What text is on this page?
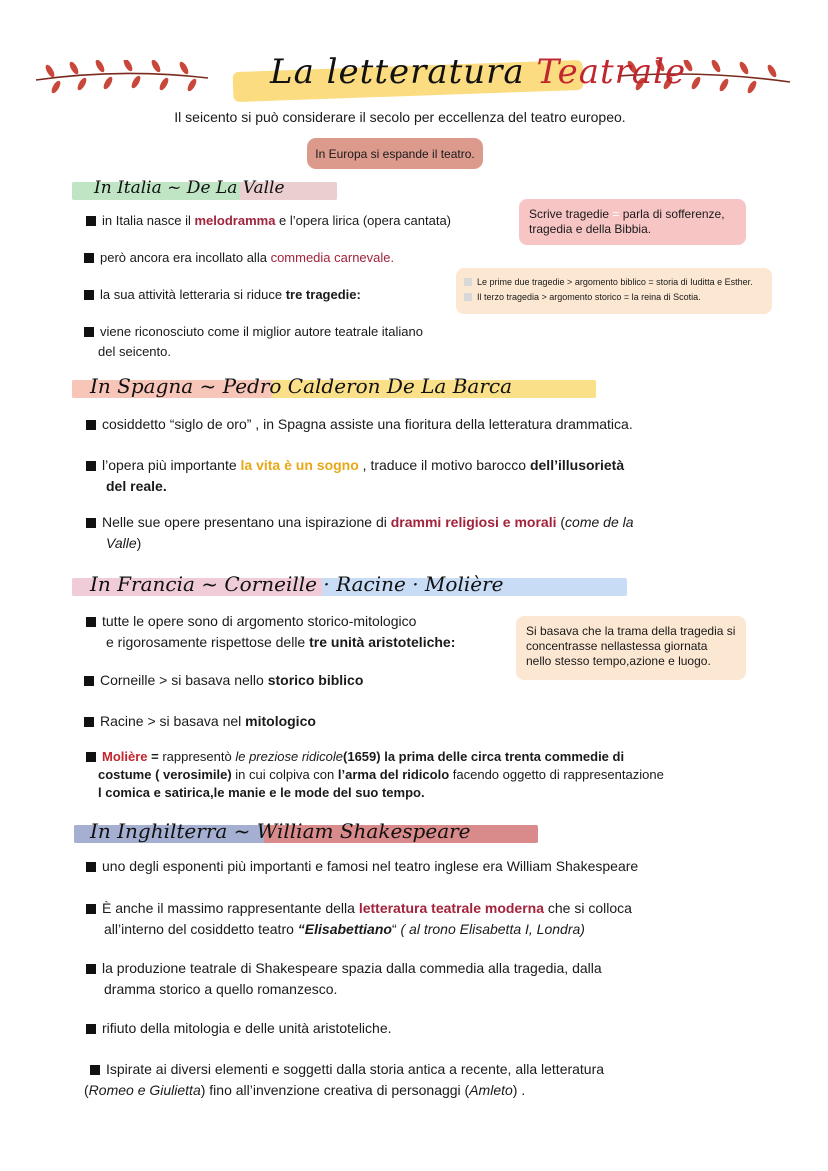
La letteratura Teatrale
Il seicento si può considerare il secolo per eccellenza del teatro europeo.
In Europa si espande il teatro.
In Italia ~ De La Valle
in Italia nasce il melodramma e l’opera lirica (opera cantata)
però ancora era incollato alla commedia carnevale.
la sua attività letteraria si riduce tre tragedie:
viene riconosciuto come il miglior autore teatrale italiano
del seicento.
Scrive tragedie = parla di sofferenze, tragedia e della Bibbia.
Le prime due tragedie > argomento biblico = storia di Iuditta e Esther.
Il terzo tragedia > argomento storico = la reina di Scotia.
In Spagna ~ Pedro Calderon De La Barca
cosiddetto “siglo de oro” , in Spagna assiste una fioritura della letteratura drammatica.
l’opera più importante la vita è un sogno , traduce il motivo barocco dell’illusorietà
del reale.
Nelle sue opere presentano una ispirazione di drammi religiosi e morali (come de la
Valle)
In Francia ~ Corneille · Racine · Molière
tutte le opere sono di argomento storico-mitologico
e rigorosamente rispettose delle tre unità aristoteliche:
Corneille > si basava nello storico biblico
Racine > si basava nel mitologico
Molière = rappresentò le preziose ridicole(1659) la prima delle circa trenta commedie di
costume ( verosimile) in cui colpiva con l’arma del ridicolo facendo oggetto di rappresentazione
l comica e satirica,le manie e le mode del suo tempo.
Si basava che la trama della tragedia si concentrasse nellastessa giornata nello stesso tempo,azione e luogo.
In Inghilterra ~ William Shakespeare
uno degli esponenti più importanti e famosi nel teatro inglese era William Shakespeare
È anche il massimo rappresentante della letteratura teatrale moderna che si colloca
all’interno del cosiddetto teatro “Elisabettiano“ ( al trono Elisabetta I, Londra)
la produzione teatrale di Shakespeare spazia dalla commedia alla tragedia, dalla
dramma storico a quello romanzesco.
rifiuto della mitologia e delle unità aristoteliche.
Ispirate ai diversi elementi e soggetti dalla storia antica a recente, alla letteratura
(Romeo e Giulietta) fino all’invenzione creativa di personaggi (Amleto) .
